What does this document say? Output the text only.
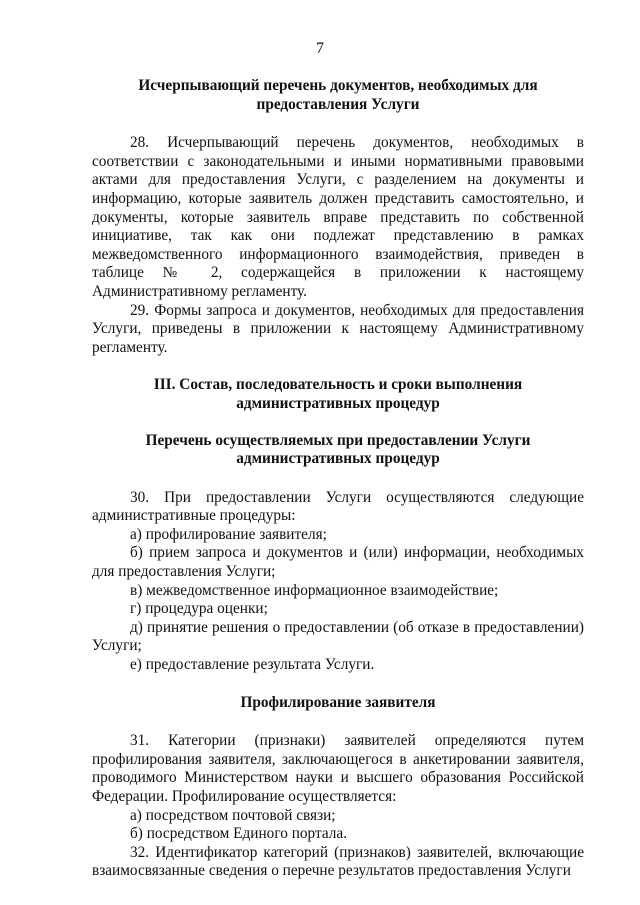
7

Исчерпывающий перечень документов, необходимых для
предоставления Услуги

28. Исчерпывающий перечень документов, необходимых в соответствии с законодательными и иными нормативными правовыми актами для предоставления Услуги, с разделением на документы и информацию, которые заявитель должен представить самостоятельно, и документы, которые заявитель вправе представить по собственной инициативе, так как они подлежат представлению в рамках межведомственного информационного взаимодействия, приведен в таблице № 2, содержащейся в приложении к настоящему Административному регламенту.

29. Формы запроса и документов, необходимых для предоставления Услуги, приведены в приложении к настоящему Административному регламенту.

III. Состав, последовательность и сроки выполнения
административных процедур

Перечень осуществляемых при предоставлении Услуги
административных процедур

30. При предоставлении Услуги осуществляются следующие административные процедуры:

а) профилирование заявителя;

б) прием запроса и документов и (или) информации, необходимых для предоставления Услуги;

в) межведомственное информационное взаимодействие;

г) процедура оценки;

д) принятие решения о предоставлении (об отказе в предоставлении) Услуги;

е) предоставление результата Услуги.

Профилирование заявителя

31. Категории (признаки) заявителей определяются путем профилирования заявителя, заключающегося в анкетировании заявителя, проводимого Министерством науки и высшего образования Российской Федерации. Профилирование осуществляется:

а) посредством почтовой связи;

б) посредством Единого портала.

32. Идентификатор категорий (признаков) заявителей, включающие взаимосвязанные сведения о перечне результатов предоставления Услуги
